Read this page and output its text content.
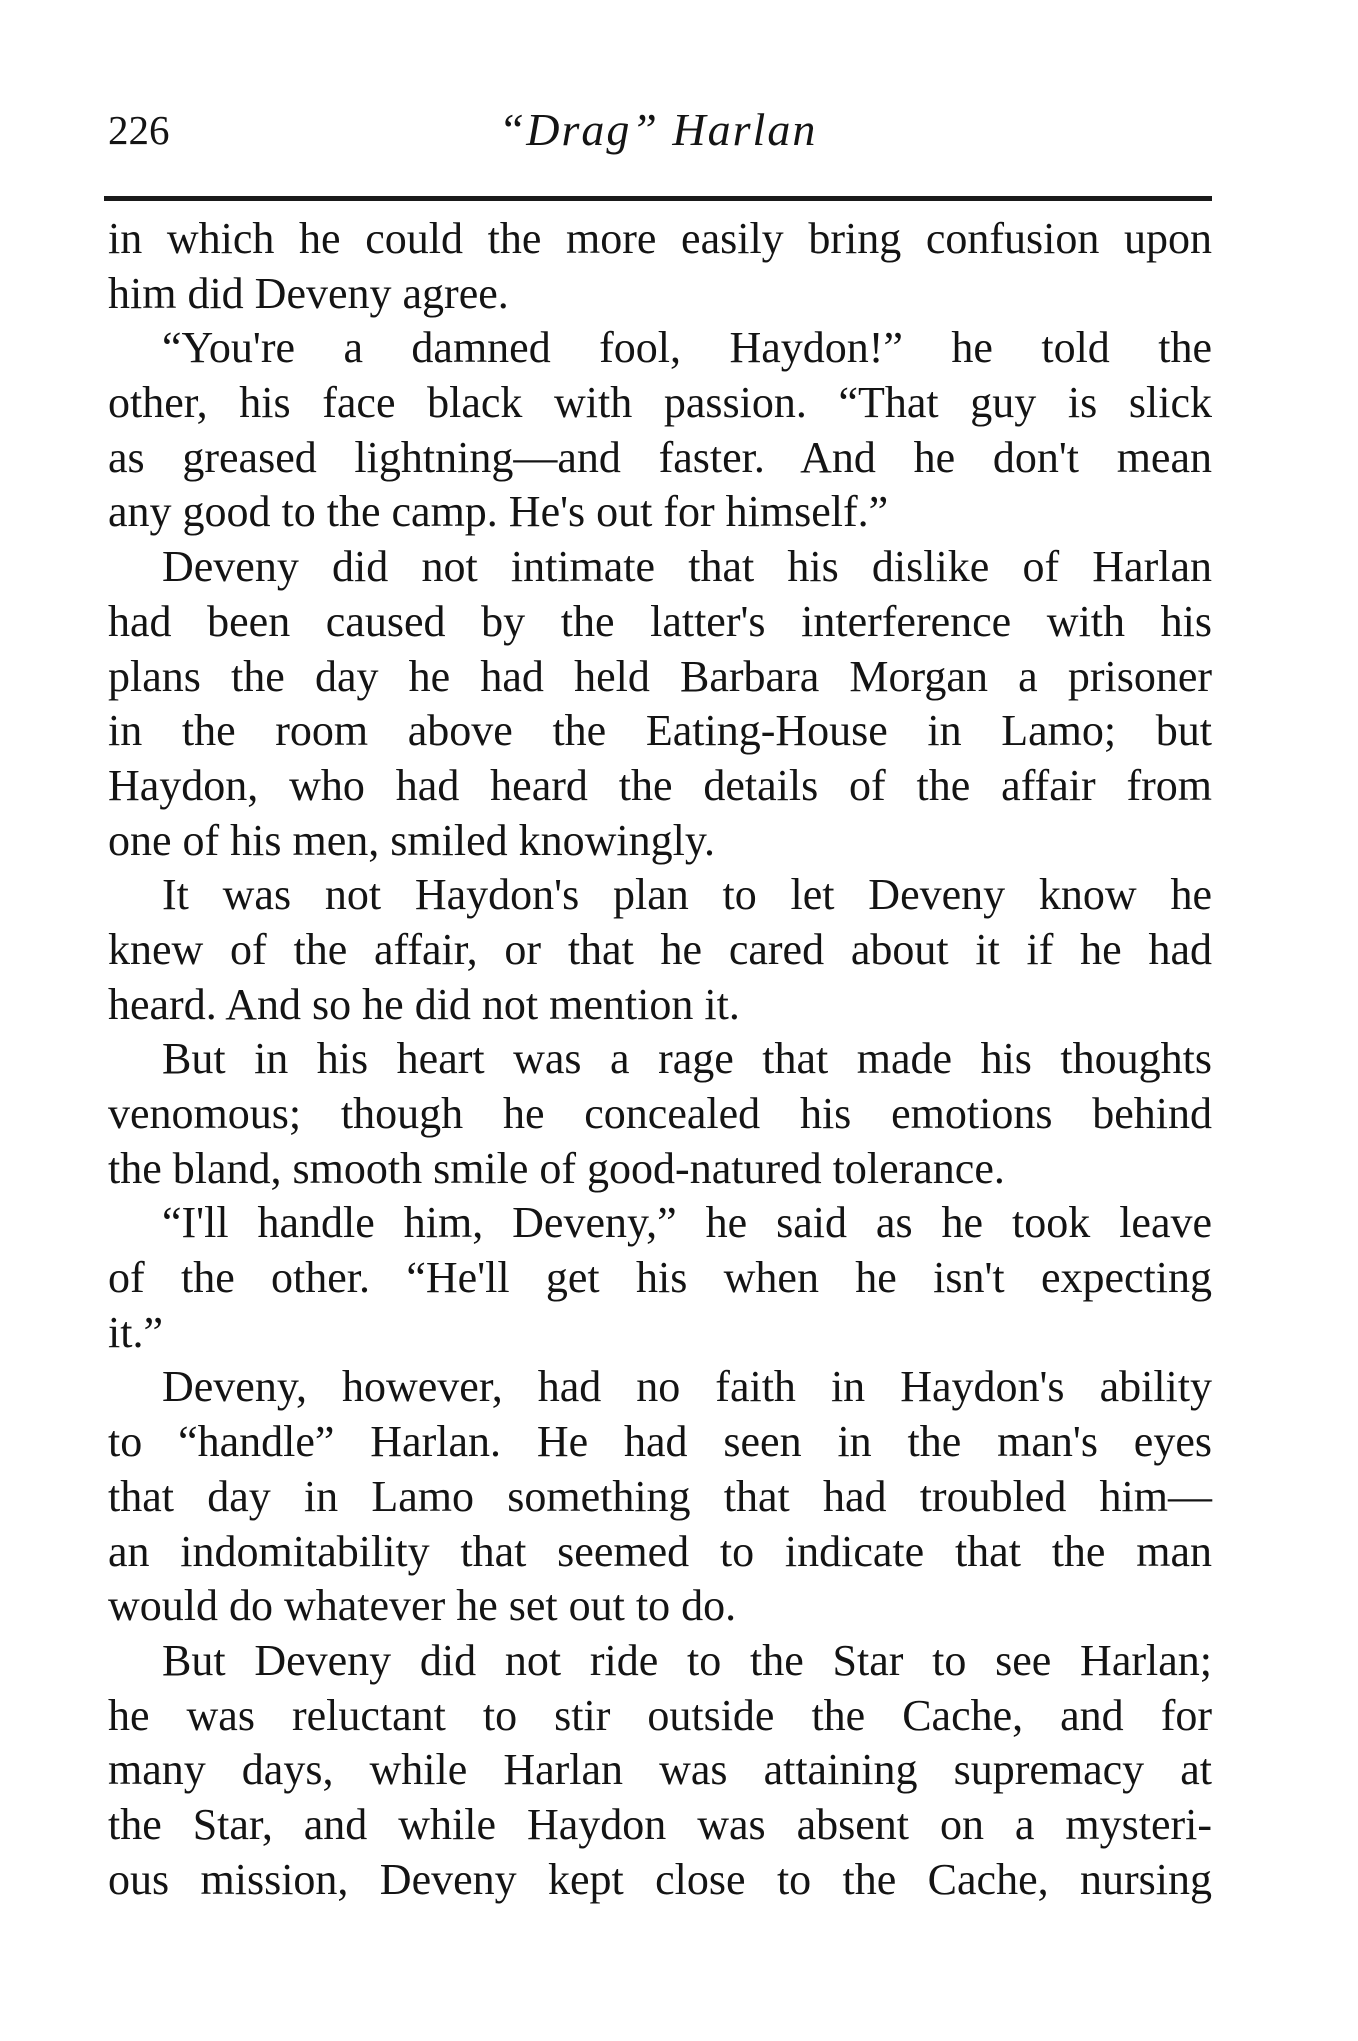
226	“Drag” Harlan
in which he could the more easily bring confusion upon
him did Deveny agree.
“You're a damned fool, Haydon!” he told the
other, his face black with passion. “That guy is slick
as greased lightning—and faster. And he don't mean
any good to the camp. He's out for himself.”
Deveny did not intimate that his dislike of Harlan
had been caused by the latter's interference with his
plans the day he had held Barbara Morgan a prisoner
in the room above the Eating-House in Lamo; but
Haydon, who had heard the details of the affair from
one of his men, smiled knowingly.
It was not Haydon's plan to let Deveny know he
knew of the affair, or that he cared about it if he had
heard. And so he did not mention it.
But in his heart was a rage that made his thoughts
venomous; though he concealed his emotions behind
the bland, smooth smile of good-natured tolerance.
“I'll handle him, Deveny,” he said as he took leave
of the other. “He'll get his when he isn't expecting
it.”
Deveny, however, had no faith in Haydon's ability
to “handle” Harlan. He had seen in the man's eyes
that day in Lamo something that had troubled him—
an indomitability that seemed to indicate that the man
would do whatever he set out to do.
But Deveny did not ride to the Star to see Harlan;
he was reluctant to stir outside the Cache, and for
many days, while Harlan was attaining supremacy at
the Star, and while Haydon was absent on a mysteri-
ous mission, Deveny kept close to the Cache, nursing
